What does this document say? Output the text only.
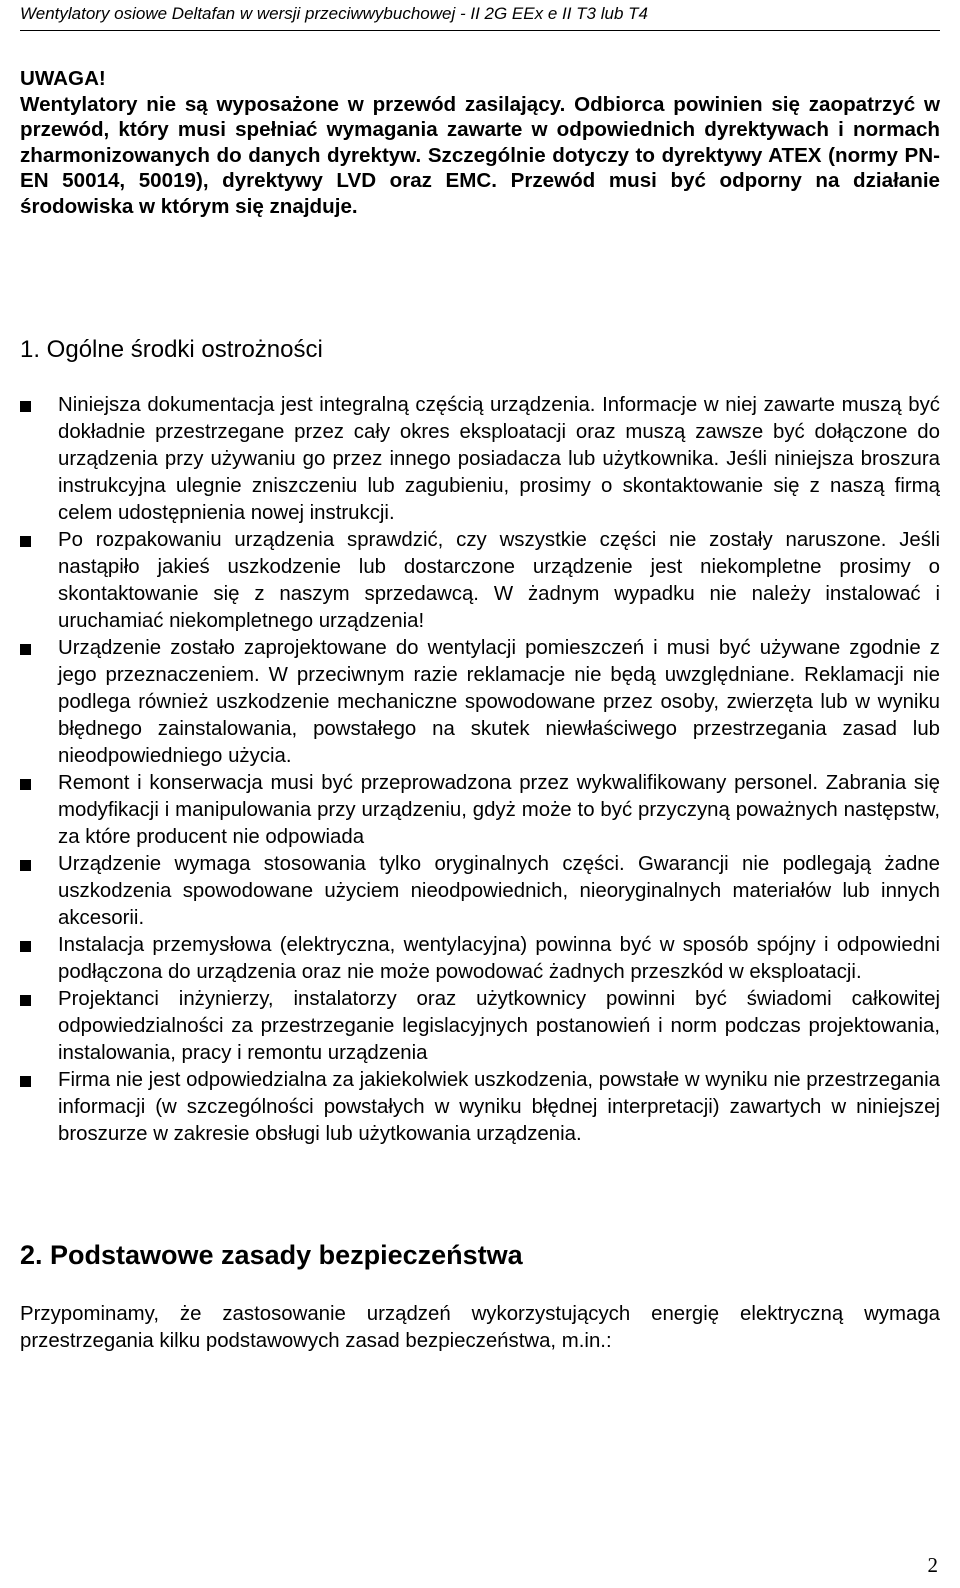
Wentylatory osiowe Deltafan w wersji przeciwwybuchowej - II 2G EEx e II T3 lub T4

UWAGA!

Wentylatory nie są wyposażone w przewód zasilający. Odbiorca powinien się zaopatrzyć w przewód, który musi spełniać wymagania zawarte w odpowiednich dyrektywach i normach zharmonizowanych do danych dyrektyw. Szczególnie dotyczy to dyrektywy ATEX (normy PN-EN 50014, 50019), dyrektywy LVD oraz EMC. Przewód musi być odporny na działanie środowiska w którym się znajduje.

1. Ogólne środki ostrożności
Niniejsza dokumentacja jest integralną częścią urządzenia. Informacje w niej zawarte muszą być dokładnie przestrzegane przez cały okres eksploatacji oraz muszą zawsze być dołączone do urządzenia przy używaniu go przez innego posiadacza lub użytkownika. Jeśli niniejsza broszura instrukcyjna ulegnie zniszczeniu lub zagubieniu, prosimy o skontaktowanie się z naszą firmą celem udostępnienia nowej instrukcji.
Po rozpakowaniu urządzenia sprawdzić, czy wszystkie części nie zostały naruszone. Jeśli nastąpiło jakieś uszkodzenie lub dostarczone urządzenie jest niekompletne prosimy o skontaktowanie się z naszym sprzedawcą. W żadnym wypadku nie należy instalować i uruchamiać niekompletnego urządzenia!
Urządzenie zostało zaprojektowane do wentylacji pomieszczeń i musi być używane zgodnie z jego przeznaczeniem. W przeciwnym razie reklamacje nie będą uwzględniane. Reklamacji nie podlega również uszkodzenie mechaniczne spowodowane przez osoby, zwierzęta lub w wyniku błędnego zainstalowania, powstałego na skutek niewłaściwego przestrzegania zasad lub nieodpowiedniego użycia.
Remont i konserwacja musi być przeprowadzona przez wykwalifikowany personel. Zabrania się modyfikacji i manipulowania przy urządzeniu, gdyż może to być przyczyną poważnych następstw, za które producent nie odpowiada
Urządzenie wymaga stosowania tylko oryginalnych części. Gwarancji nie podlegają żadne uszkodzenia spowodowane użyciem nieodpowiednich, nieoryginalnych materiałów lub innych akcesorii.
Instalacja przemysłowa (elektryczna, wentylacyjna) powinna być w sposób spójny i odpowiedni podłączona do urządzenia oraz nie może powodować żadnych przeszkód w eksploatacji.
Projektanci inżynierzy, instalatorzy oraz użytkownicy powinni być świadomi całkowitej odpowiedzialności za przestrzeganie legislacyjnych postanowień i norm podczas projektowania, instalowania, pracy i remontu urządzenia
Firma nie jest odpowiedzialna za jakiekolwiek uszkodzenia, powstałe w wyniku nie przestrzegania informacji (w szczególności powstałych w wyniku błędnej interpretacji) zawartych w niniejszej broszurze w zakresie obsługi lub użytkowania urządzenia.
2. Podstawowe zasady bezpieczeństwa

Przypominamy, że zastosowanie urządzeń wykorzystujących energię elektryczną wymaga przestrzegania kilku podstawowych zasad bezpieczeństwa, m.in.:

2
